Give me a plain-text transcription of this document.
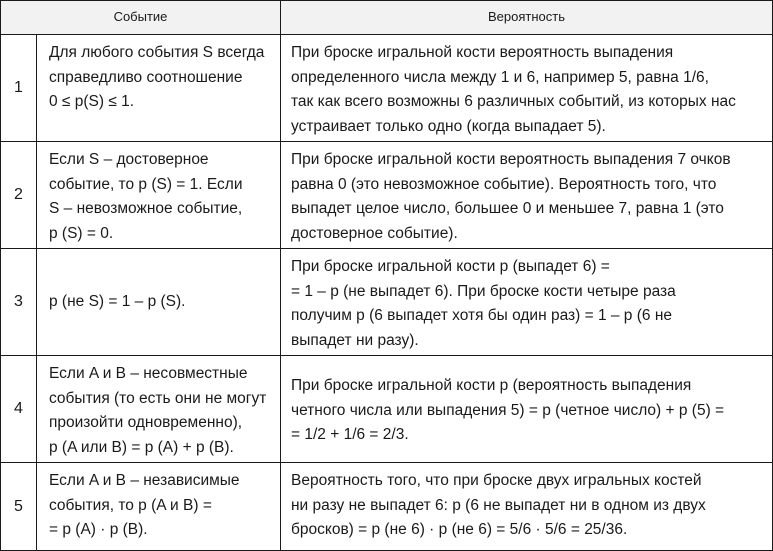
Событие	Вероятность
1
Для любого события S всегда
справедливо соотношение
0 ≤ p(S) ≤ 1.
При броске игральной кости вероятность выпадения
определенного числа между 1 и 6, например 5, равна 1/6,
так как всего возможны 6 различных событий, из которых нас
устраивает только одно (когда выпадает 5).
2
Если S – достоверное
событие, то p (S) = 1. Если
S – невозможное событие,
p (S) = 0.
При броске игральной кости вероятность выпадения 7 очков
равна 0 (это невозможное событие). Вероятность того, что
выпадет целое число, большее 0 и меньшее 7, равна 1 (это
достоверное событие).
3	p (не S) = 1 – p (S).
При броске игральной кости p (выпадет 6) =
= 1 – p (не выпадет 6). При броске кости четыре раза
получим p (6 выпадет хотя бы один раз) = 1 – p (6 не
выпадет ни разу).
4
Если A и B – несовместные
события (то есть они не могут
произойти одновременно),
p (A или B) = p (A) + p (B).
При броске игральной кости p (вероятность выпадения
четного числа или выпадения 5) = p (четное число) + p (5) =
= 1/2 + 1/6 = 2/3.
5
Если A и B – независимые
события, то p (A и B) =
= p (A) · p (B).
Вероятность того, что при броске двух игральных костей
ни разу не выпадет 6: p (6 не выпадет ни в одном из двух
бросков) = p (не 6) · p (не 6) = 5/6 · 5/6 = 25/36.
